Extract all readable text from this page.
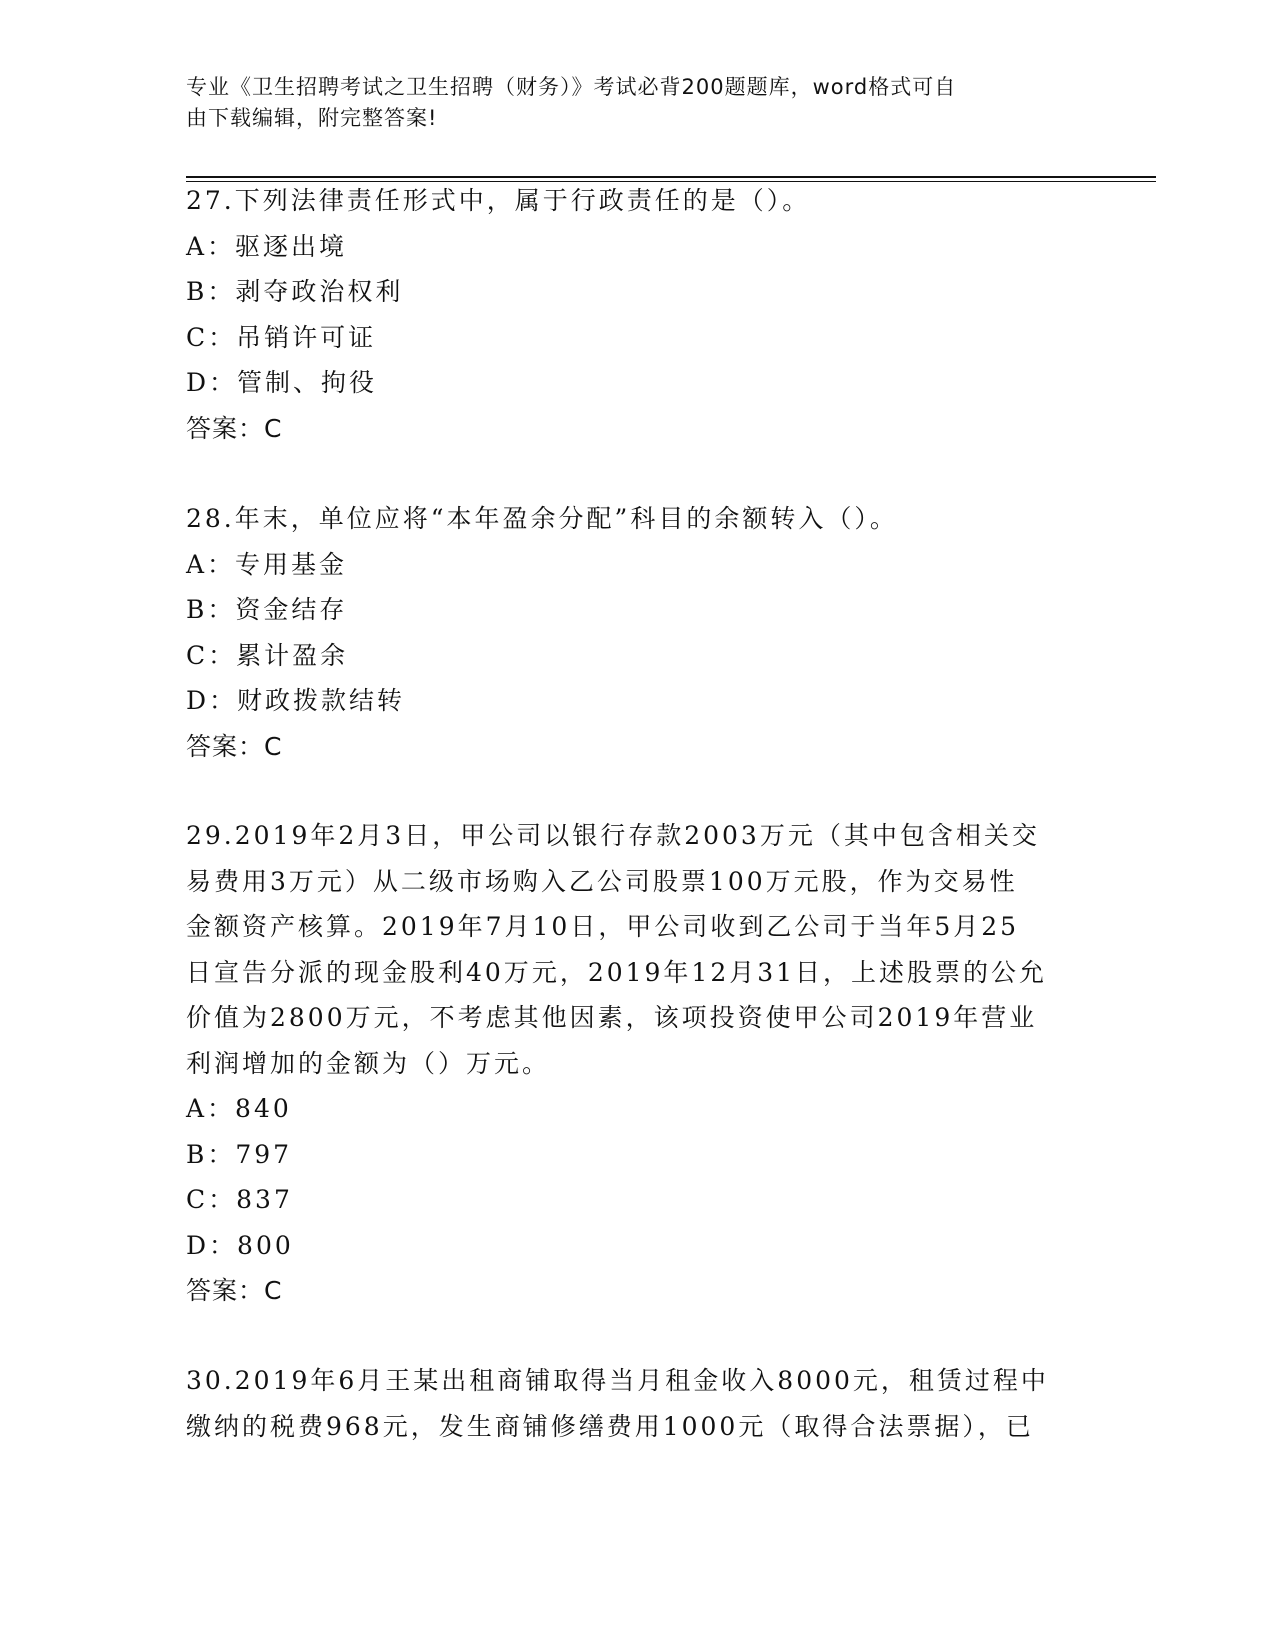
专业《卫生招聘考试之卫生招聘（财务）》考试必背200题题库，word格式可自
由下载编辑，附完整答案!
27.下列法律责任形式中，属于行政责任的是（）。
A：驱逐出境
B：剥夺政治权利
C：吊销许可证
D：管制、拘役
答案：C
28.年末，单位应将“本年盈余分配”科目的余额转入（）。
A：专用基金
B：资金结存
C：累计盈余
D：财政拨款结转
答案：C
29.2019年2月3日，甲公司以银行存款2003万元（其中包含相关交
易费用3万元）从二级市场购入乙公司股票100万元股，作为交易性
金额资产核算。2019年7月10日，甲公司收到乙公司于当年5月25
日宣告分派的现金股利40万元，2019年12月31日，上述股票的公允
价值为2800万元，不考虑其他因素，该项投资使甲公司2019年营业
利润增加的金额为（）万元。
A：840
B：797
C：837
D：800
答案：C
30.2019年6月王某出租商铺取得当月租金收入8000元，租赁过程中
缴纳的税费968元，发生商铺修缮费用1000元（取得合法票据），已
